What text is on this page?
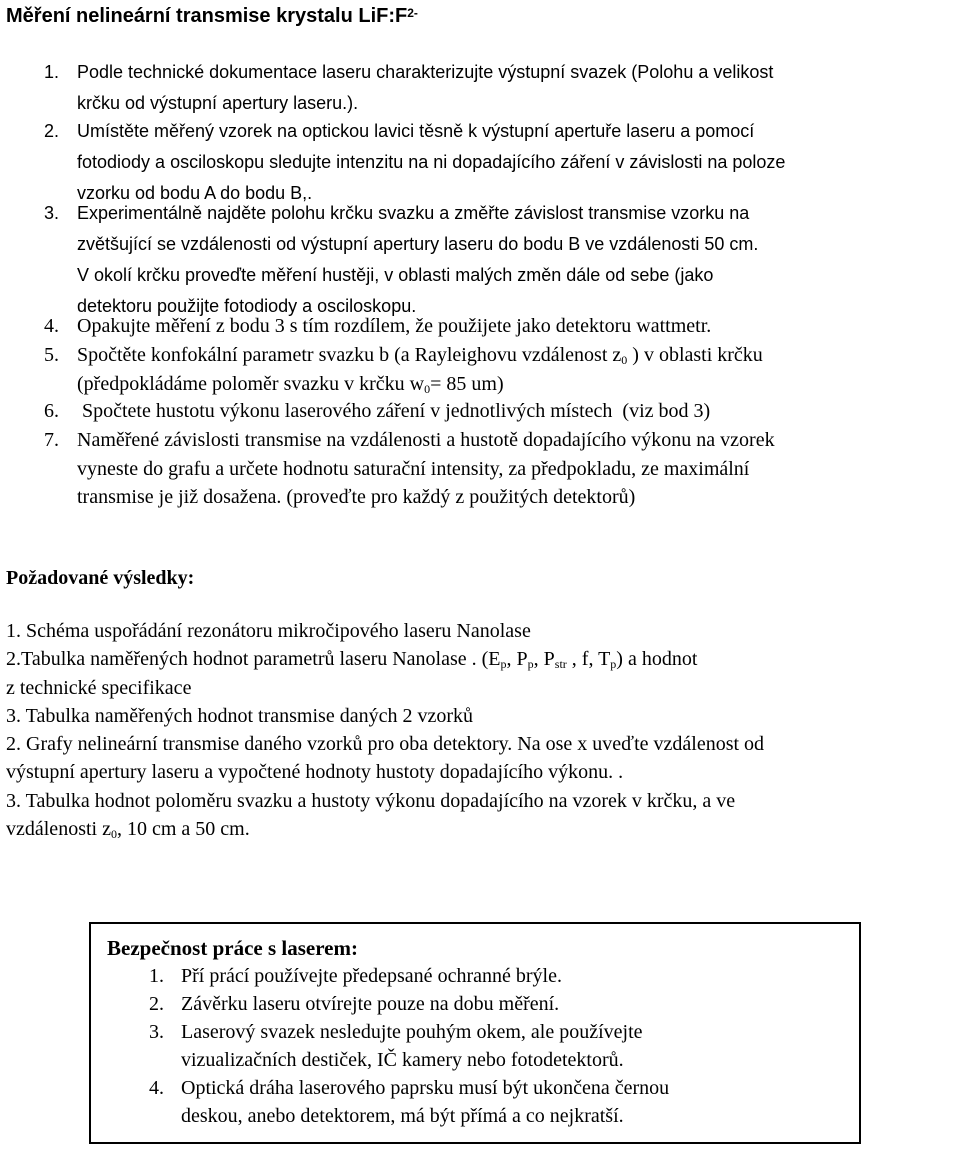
Měření nelineární transmise krystalu $LiF:F^{2-}$
1. Podle technické dokumentace laseru charakterizujte výstupní svazek (Polohu a velikost
krčku od výstupní apertury laseru.).
2. Umístěte měřený vzorek na optickou lavici těsně k výstupní apertuře laseru a pomocí
fotodiody a osciloskopu sledujte intenzitu na ni dopadajícího záření v závislosti na poloze
vzorku od bodu A do bodu B,.
3. Experimentálně najděte polohu krčku svazku a změřte závislost transmise vzorku na
zvětšující se vzdálenosti od výstupní apertury laseru do bodu B ve vzdálenosti 50 cm.
V okolí krčku proveďte měření hustěji, v oblasti malých změn dále od sebe (jako
detektoru použijte fotodiody a osciloskopu.
4. Opakujte měření z bodu 3 s tím rozdílem, že použijete jako detektoru wattmetr.
5. Spočtěte konfokální parametr svazku b (a Rayleighovu vzdálenost $z_0$ ) v oblasti krčku
(předpokládáme poloměr svazku v krčku $w_0= 85$ um)
6. Spočtete hustotu výkonu laserového záření v jednotlivých místech  (viz bod 3)
7. Naměřené závislosti transmise na vzdálenosti a hustotě dopadajícího výkonu na vzorek
vyneste do grafu a určete hodnotu saturační intensity, za předpokladu, ze maximální
transmise je již dosažena. (proveďte pro každý z použitých detektorů)
Požadované výsledky:

1. Schéma uspořádání rezonátoru mikročipového laseru Nanolase

2.Tabulka naměřených hodnot parametrů laseru Nanolase . ($E_p$, $P_p$, $P_{str}$ , f, $T_p$) a hodnot

z technické specifikace

3. Tabulka naměřených hodnot transmise daných 2 vzorků

2. Grafy nelineární transmise daného vzorků pro oba detektory. Na ose x uveďte vzdálenost od

výstupní apertury laseru a vypočtené hodnoty hustoty dopadajícího výkonu. .

3. Tabulka hodnot poloměru svazku a hustoty výkonu dopadajícího na vzorek v krčku, a ve

vzdálenosti $z_0$, 10 cm a 50 cm.

Bezpečnost práce s laserem:
1. Pří prácí používejte předepsané ochranné brýle.
2. Závěrku laseru otvírejte pouze na dobu měření.
3. Laserový svazek nesledujte pouhým okem, ale používejte
vizualizačních destiček, IČ kamery nebo fotodetektorů.
4. Optická dráha laserového paprsku musí být ukončena černou
deskou, anebo detektorem, má být přímá a co nejkratší.
